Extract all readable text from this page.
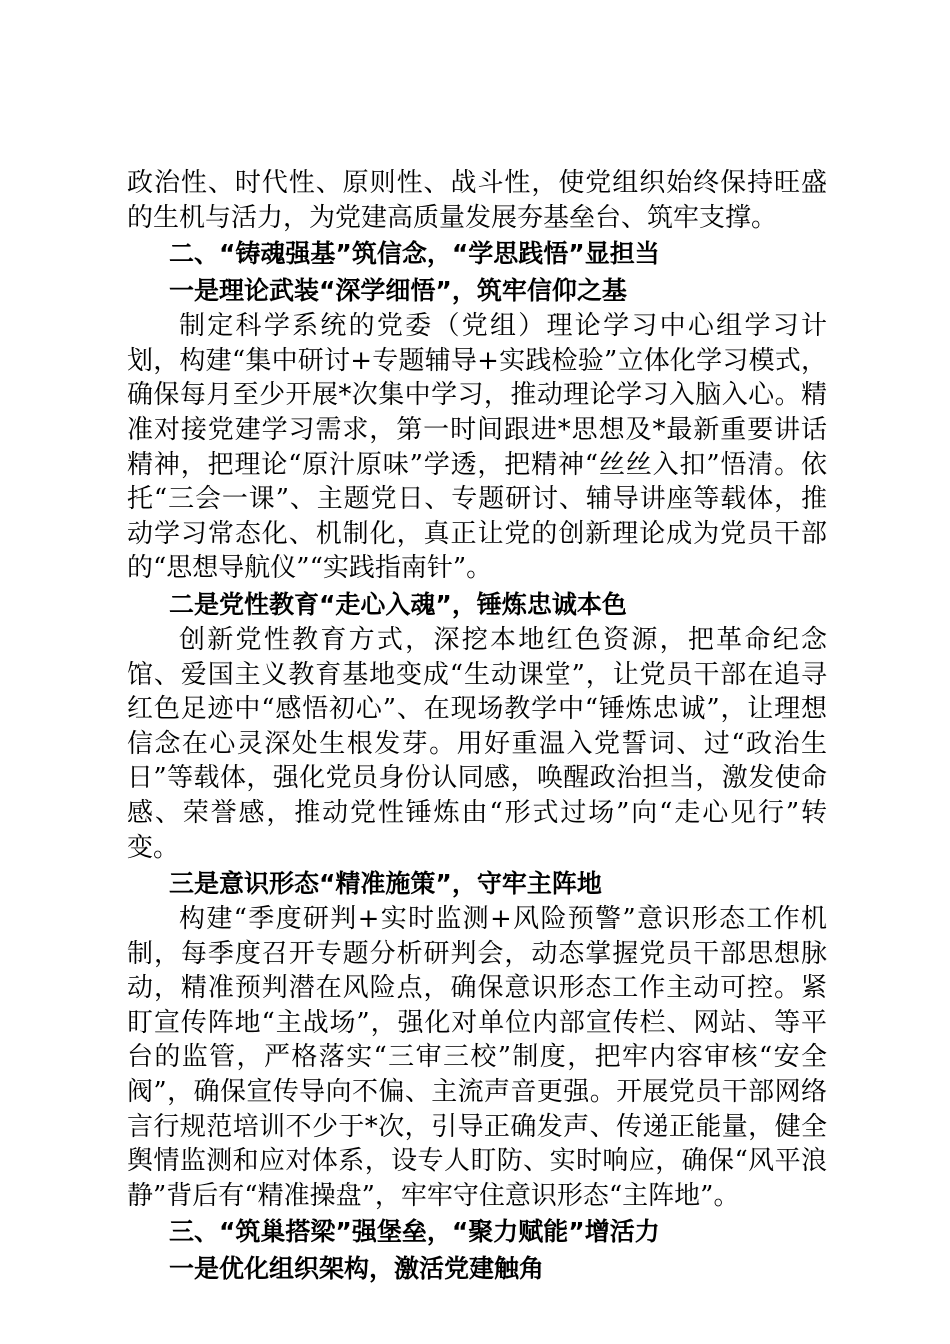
政治性、时代性、原则性、战斗性，使党组织始终保持旺盛的生机与活力，为党建高质量发展夯基垒台、筑牢支撑。

二、“铸魂强基”筑信念，“学思践悟”显担当
一是理论武装“深学细悟”，筑牢信仰之基

制定科学系统的党委（党组）理论学习中心组学习计划，构建“集中研讨+专题辅导+实践检验”立体化学习模式，确保每月至少开展*次集中学习，推动理论学习入脑入心。精准对接党建学习需求，第一时间跟进*思想及*最新重要讲话精神，把理论“原汁原味”学透，把精神“丝丝入扣”悟清。依托“三会一课”、主题党日、专题研讨、辅导讲座等载体，推动学习常态化、机制化，真正让党的创新理论成为党员干部的“思想导航仪”“实践指南针”。

二是党性教育“走心入魂”，锤炼忠诚本色

创新党性教育方式，深挖本地红色资源，把革命纪念馆、爱国主义教育基地变成“生动课堂”，让党员干部在追寻红色足迹中“感悟初心”、在现场教学中“锤炼忠诚”，让理想信念在心灵深处生根发芽。用好重温入党誓词、过“政治生日”等载体，强化党员身份认同感，唤醒政治担当，激发使命感、荣誉感，推动党性锤炼由“形式过场”向“走心见行”转变。

三是意识形态“精准施策”，守牢主阵地

构建“季度研判+实时监测+风险预警”意识形态工作机制，每季度召开专题分析研判会，动态掌握党员干部思想脉动，精准预判潜在风险点，确保意识形态工作主动可控。紧盯宣传阵地“主战场”，强化对单位内部宣传栏、网站、等平台的监管，严格落实“三审三校”制度，把牢内容审核“安全阀”，确保宣传导向不偏、主流声音更强。开展党员干部网络言行规范培训不少于*次，引导正确发声、传递正能量，健全舆情监测和应对体系，设专人盯防、实时响应，确保“风平浪静”背后有“精准操盘”，牢牢守住意识形态“主阵地”。

三、“筑巢搭梁”强堡垒，“聚力赋能”增活力
一是优化组织架构，激活党建触角
